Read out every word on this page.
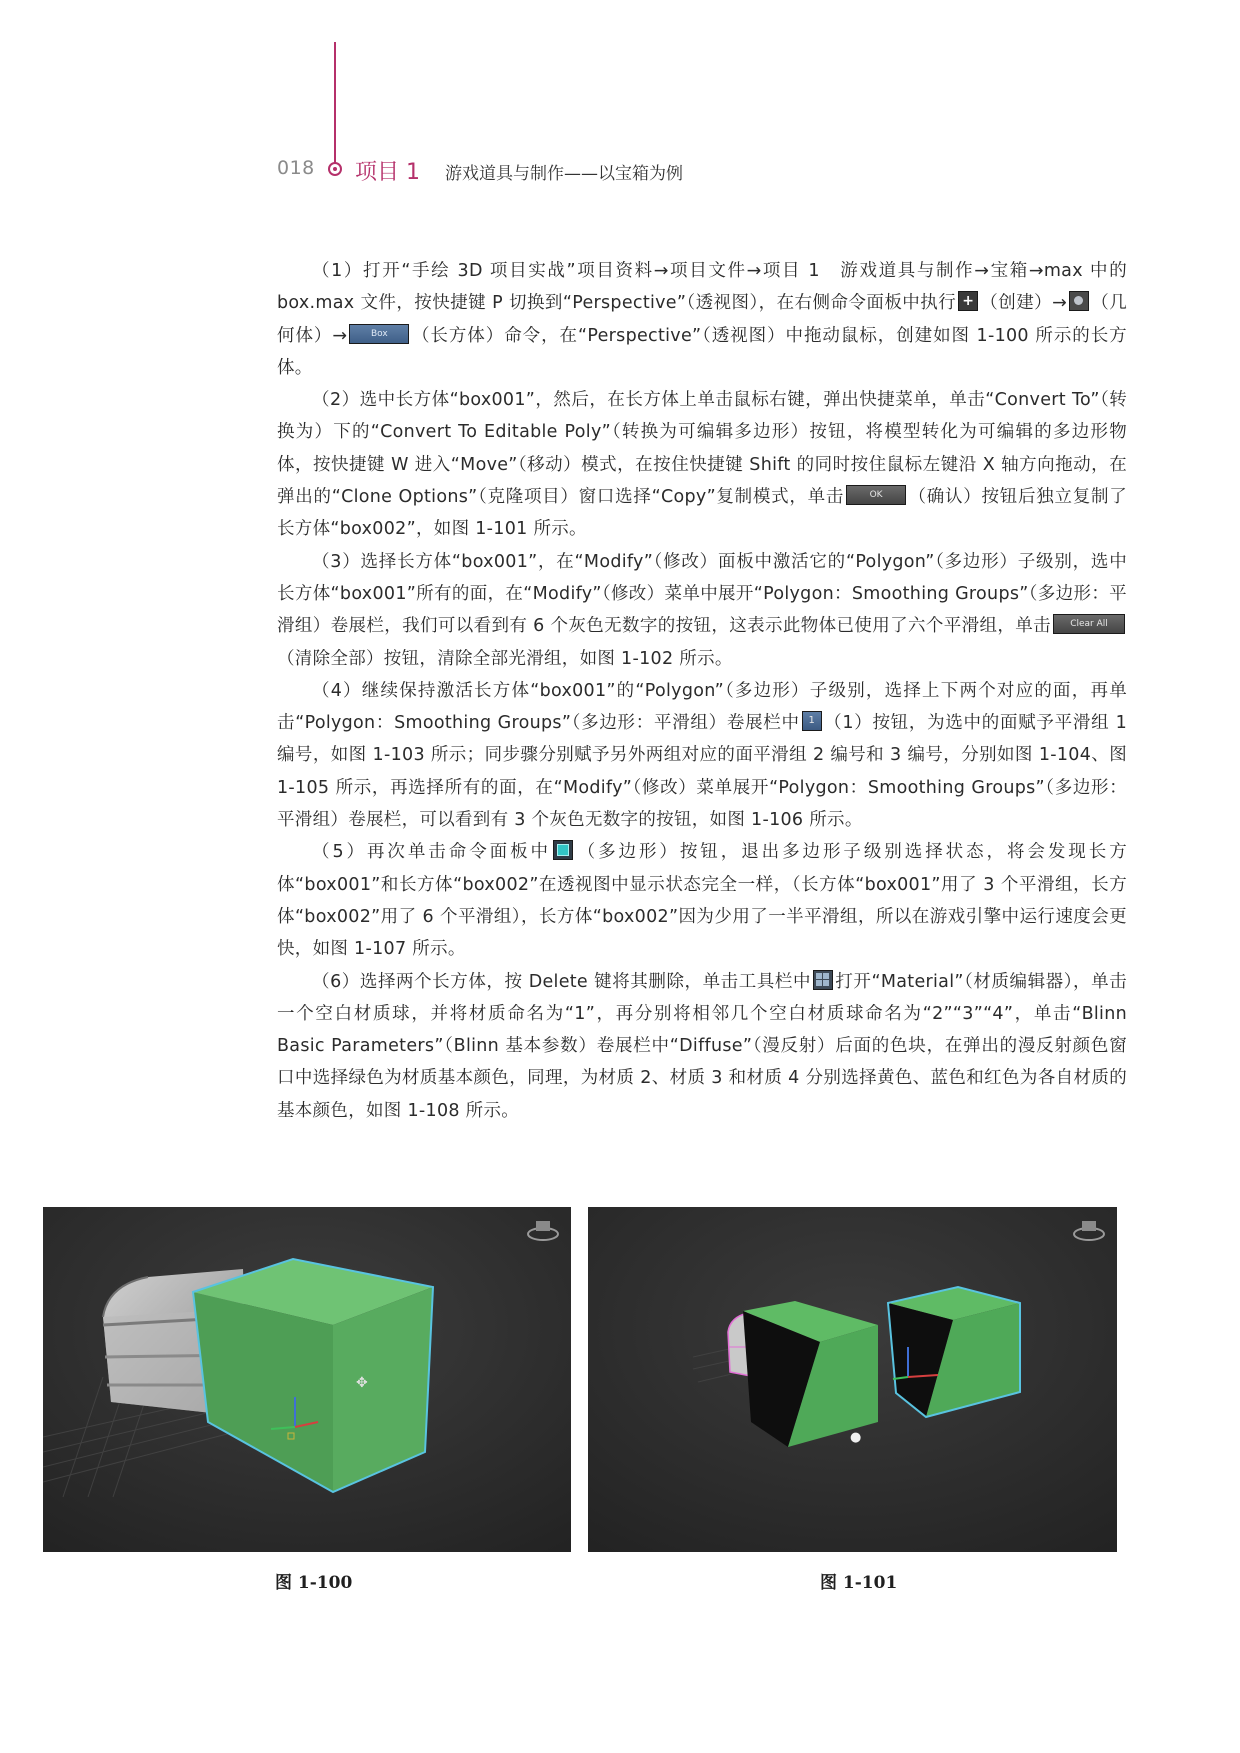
018 项目 1 游戏道具与制作——以宝箱为例

（1）打开“手绘 3D 项目实战”项目资料→项目文件→项目 1　游戏道具与制作→宝箱→max 中的 box.max 文件，按快捷键 P 切换到“Perspective”（透视图），在右侧命令面板中执行 + （创建）→ （几何体）→	Box （长方体）命令，在“Perspective”（透视图）中拖动鼠标，创建如图 1-100 所示的长方体。

（2）选中长方体“box001”，然后，在长方体上单击鼠标右键，弹出快捷菜单，单击“Convert To”（转换为）下的“Convert To Editable Poly”（转换为可编辑多边形）按钮，将模型转化为可编辑的多边形物体，按快捷键 W 进入“Move”（移动）模式，在按住快捷键 Shift 的同时按住鼠标左键沿 X 轴方向拖动，在弹出的“Clone Options”（克隆项目）窗口选择“Copy”复制模式，单击	OK （确认）按钮后独立复制了长方体“box002”，如图 1-101 所示。

（3）选择长方体“box001”，在“Modify”（修改）面板中激活它的“Polygon”（多边形）子级别，选中长方体“box001”所有的面，在“Modify”（修改）菜单中展开“Polygon：Smoothing Groups”（多边形：平滑组）卷展栏，我们可以看到有 6 个灰色无数字的按钮，这表示此物体已使用了六个平滑组，单击 Clear All（清除全部）按钮，清除全部光滑组，如图 1-102 所示。

（4）继续保持激活长方体“box001”的“Polygon”（多边形）子级别，选择上下两个对应的面，再单击“Polygon：Smoothing Groups”（多边形：平滑组）卷展栏中 1 （1）按钮，为选中的面赋予平滑组 1 编号，如图 1-103 所示；同步骤分别赋予另外两组对应的面平滑组 2 编号和 3 编号，分别如图 1-104、图 1-105 所示，再选择所有的面，在“Modify”（修改）菜单展开“Polygon：Smoothing Groups”（多边形：平滑组）卷展栏，可以看到有 3 个灰色无数字的按钮，如图 1-106 所示。

（5）再次单击命令面板中 （多边形）按钮，退出多边形子级别选择状态，将会发现长方体“box001”和长方体“box002”在透视图中显示状态完全一样，（长方体“box001”用了 3 个平滑组，长方体“box002”用了 6 个平滑组），长方体“box002”因为少用了一半平滑组，所以在游戏引擎中运行速度会更快，如图 1-107 所示。

（6）选择两个长方体，按 Delete 键将其删除，单击工具栏中 打开“Material”（材质编辑器），单击一个空白材质球，并将材质命名为“1”，再分别将相邻几个空白材质球命名为“2”“3”“4”，单击“Blinn Basic Parameters”（Blinn 基本参数）卷展栏中“Diffuse”（漫反射）后面的色块，在弹出的漫反射颜色窗口中选择绿色为材质基本颜色，同理，为材质 2、材质 3 和材质 4 分别选择黄色、蓝色和红色为各自材质的基本颜色，如图 1-108 所示。

✥
图 1-100
●
图 1-101
